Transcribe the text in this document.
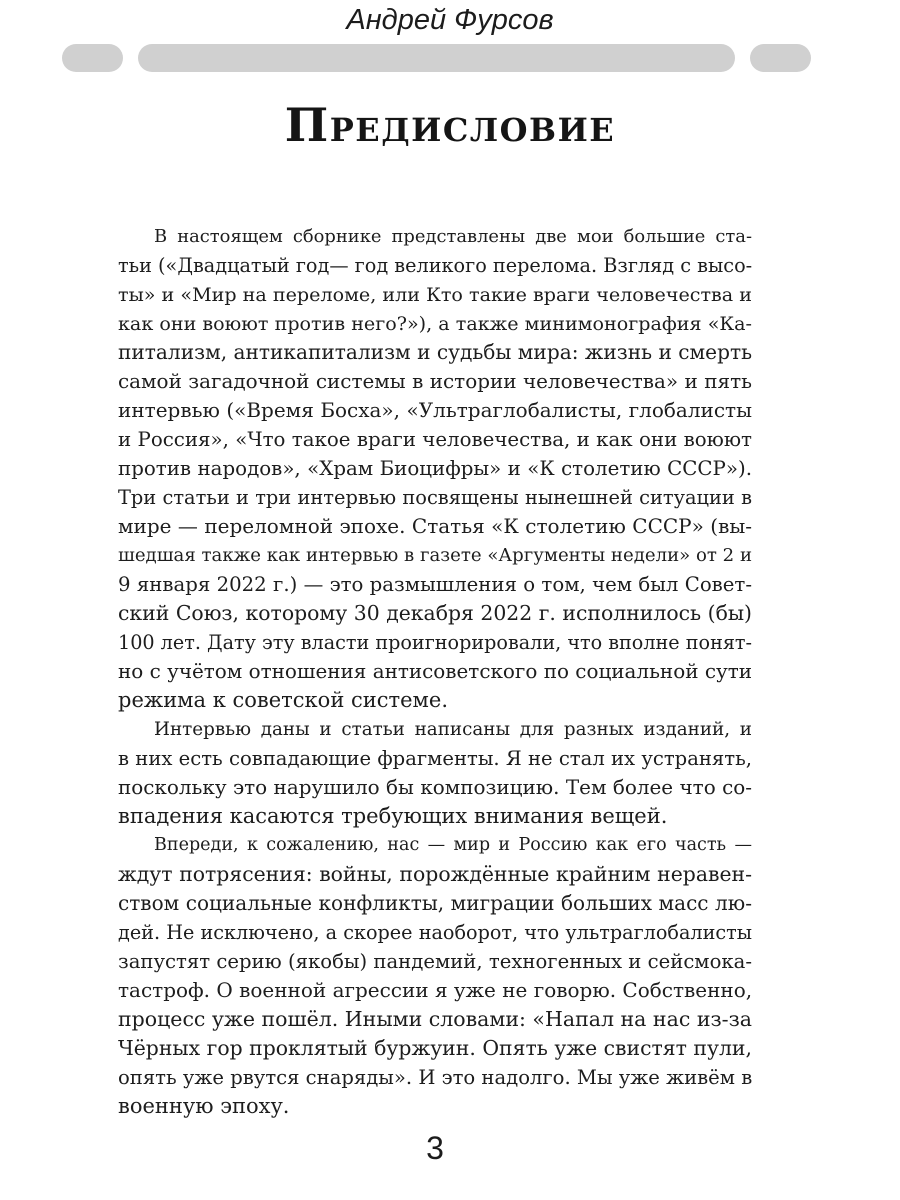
Андрей Фурсов
Предисловие
В настоящем сборнике представлены две мои большие ста-
тьи («Двадцатый год— год великого перелома. Взгляд с высо-
ты» и «Мир на переломе, или Кто такие враги человечества и
как они воюют против него?»), а также минимонография «Ка-
питализм, антикапитализм и судьбы мира: жизнь и смерть
самой загадочной системы в истории человечества» и пять
интервью («Время Босха», «Ультраглобалисты, глобалисты
и Россия», «Что такое враги человечества, и как они воюют
против народов», «Храм Биоцифры» и «К столетию СССР»).
Три статьи и три интервью посвящены нынешней ситуации в
мире — переломной эпохе. Статья «К столетию СССР» (вы-
шедшая также как интервью в газете «Аргументы недели» от 2 и
9 января 2022 г.) — это размышления о том, чем был Совет-
ский Союз, которому 30 декабря 2022 г. исполнилось (бы)
100 лет. Дату эту власти проигнорировали, что вполне понят-
но с учётом отношения антисоветского по социальной сути
режима к советской системе.
Интервью даны и статьи написаны для разных изданий, и
в них есть совпадающие фрагменты. Я не стал их устранять,
поскольку это нарушило бы композицию. Тем более что со-
впадения касаются требующих внимания вещей.
Впереди, к сожалению, нас — мир и Россию как его часть —
ждут потрясения: войны, порождённые крайним неравен-
ством социальные конфликты, миграции больших масс лю-
дей. Не исключено, а скорее наоборот, что ультраглобалисты
запустят серию (якобы) пандемий, техногенных и сейсмока-
тастроф. О военной агрессии я уже не говорю. Собственно,
процесс уже пошёл. Иными словами: «Напал на нас из-за
Чёрных гор проклятый буржуин. Опять уже свистят пули,
опять уже рвутся снаряды». И это надолго. Мы уже живём в
военную эпоху.
3
